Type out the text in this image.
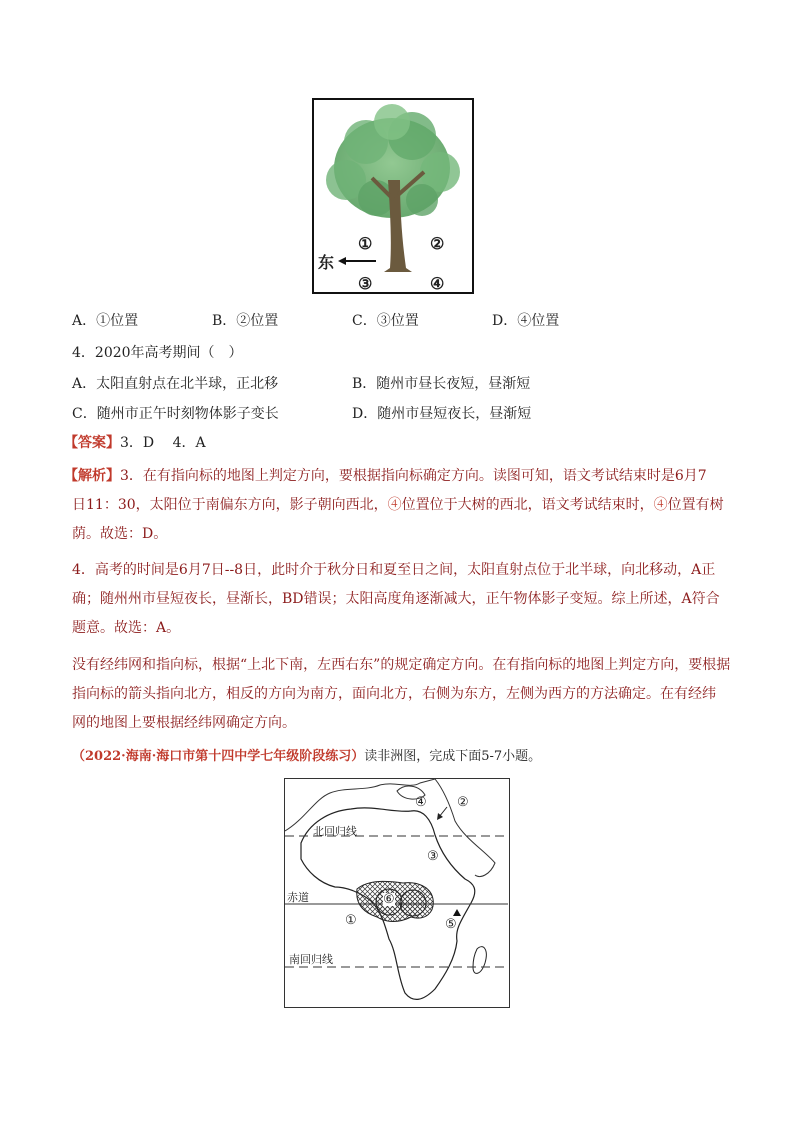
东
①	②
③	④
A．①位置	B．②位置	C．③位置	D．④位置
4．2020年高考期间（　）
A．太阳直射点在北半球，正北移	B．随州市昼长夜短，昼渐短
C．随州市正午时刻物体影子变长	D．随州市昼短夜长，昼渐短
【答案】3．D　 4．A
【解析】3．在有指向标的地图上判定方向，要根据指向标确定方向。读图可知，语文考试结束时是6月7
日11：30，太阳位于南偏东方向，影子朝向西北，④位置位于大树的西北，语文考试结束时，④位置有树
荫。故选：D。
4．高考的时间是6月7日--8日，此时介于秋分日和夏至日之间，太阳直射点位于北半球，向北移动，A正
确；随州州市昼短夜长，昼渐长，BD错误；太阳高度角逐渐减大，正午物体影子变短。综上所述，A符合
题意。故选：A。
没有经纬网和指向标，根据“上北下南，左西右东”的规定确定方向。在有指向标的地图上判定方向，要根据
指向标的箭头指向北方，相反的方向为南方，面向北方，右侧为东方，左侧为西方的方法确定。在有经纬
网的地图上要根据经纬网确定方向。
（2022·海南·海口市第十四中学七年级阶段练习）读非洲图，完成下面5-7小题。
北回归线
赤道
南回归线
①
②
③
④
⑤
⑥
